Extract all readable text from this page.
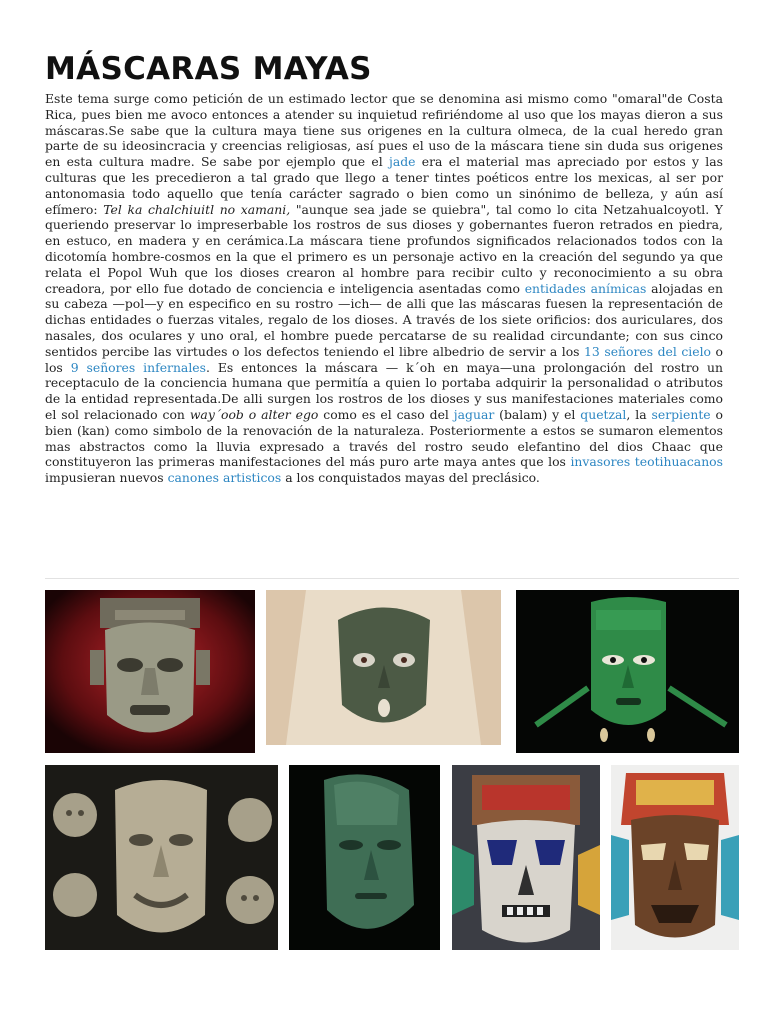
MÁSCARAS MAYAS

Este tema surge como petición de un estimado lector que se denomina asi mismo como "omaral"de Costa Rica, pues bien me avoco entonces a atender su inquietud refiriéndome al uso que los mayas dieron a sus máscaras.Se sabe que la cultura maya tiene sus origenes en la cultura olmeca, de la cual heredo gran parte de su ideosincracia y creencias religiosas, así pues el uso de la máscara tiene sin duda sus origenes en esta cultura madre. Se sabe por ejemplo que el jade era el material mas apreciado por estos y las culturas que les precedieron a tal grado que llego a tener tintes poéticos entre los mexicas, al ser por antonomasia todo aquello que tenía carácter sagrado o bien como un sinónimo de belleza, y aún así efímero: Tel ka chalchiuitl no xamani, "aunque sea jade se quiebra", tal como lo cita Netzahualcoyotl. Y queriendo preservar lo impreserbable los rostros de sus dioses y gobernantes fueron retrados en piedra, en estuco, en madera y en cerámica.La máscara tiene profundos significados relacionados todos con la dicotomía hombre-cosmos en la que el primero es un personaje activo en la creación del segundo ya que relata el Popol Wuh que los dioses crearon al hombre para recibir culto y reconocimiento a su obra creadora, por ello fue dotado de conciencia e inteligencia asentadas como entidades anímicas alojadas en su cabeza —pol—y en especifico en su rostro —ich— de alli que las máscaras fuesen la representación de dichas entidades o fuerzas vitales, regalo de los dioses. A través de los siete orificios: dos auriculares, dos nasales, dos oculares y uno oral, el hombre puede percatarse de su realidad circundante; con sus cinco sentidos percibe las virtudes o los defectos teniendo el libre albedrio de servir a los 13 señores del cielo o los 9 señores infernales. Es entonces la máscara — k´oh en maya—una prolongación del rostro un receptaculo de la conciencia humana que permitía a quien lo portaba adquirir la personalidad o atributos de la entidad representada.De alli surgen los rostros de los dioses y sus manifestaciones materiales como el sol relacionado con way´oob o alter ego como es el caso del jaguar (balam) y el quetzal, la serpiente o bien (kan) como simbolo de la renovación de la naturaleza. Posteriormente a estos se sumaron elementos mas abstractos como la lluvia expresado a través del rostro seudo elefantino del dios Chaac que constituyeron las primeras manifestaciones del más puro arte maya antes que los invasores teotihuacanos impusieran nuevos canones artisticos a los conquistados mayas del preclásico.
